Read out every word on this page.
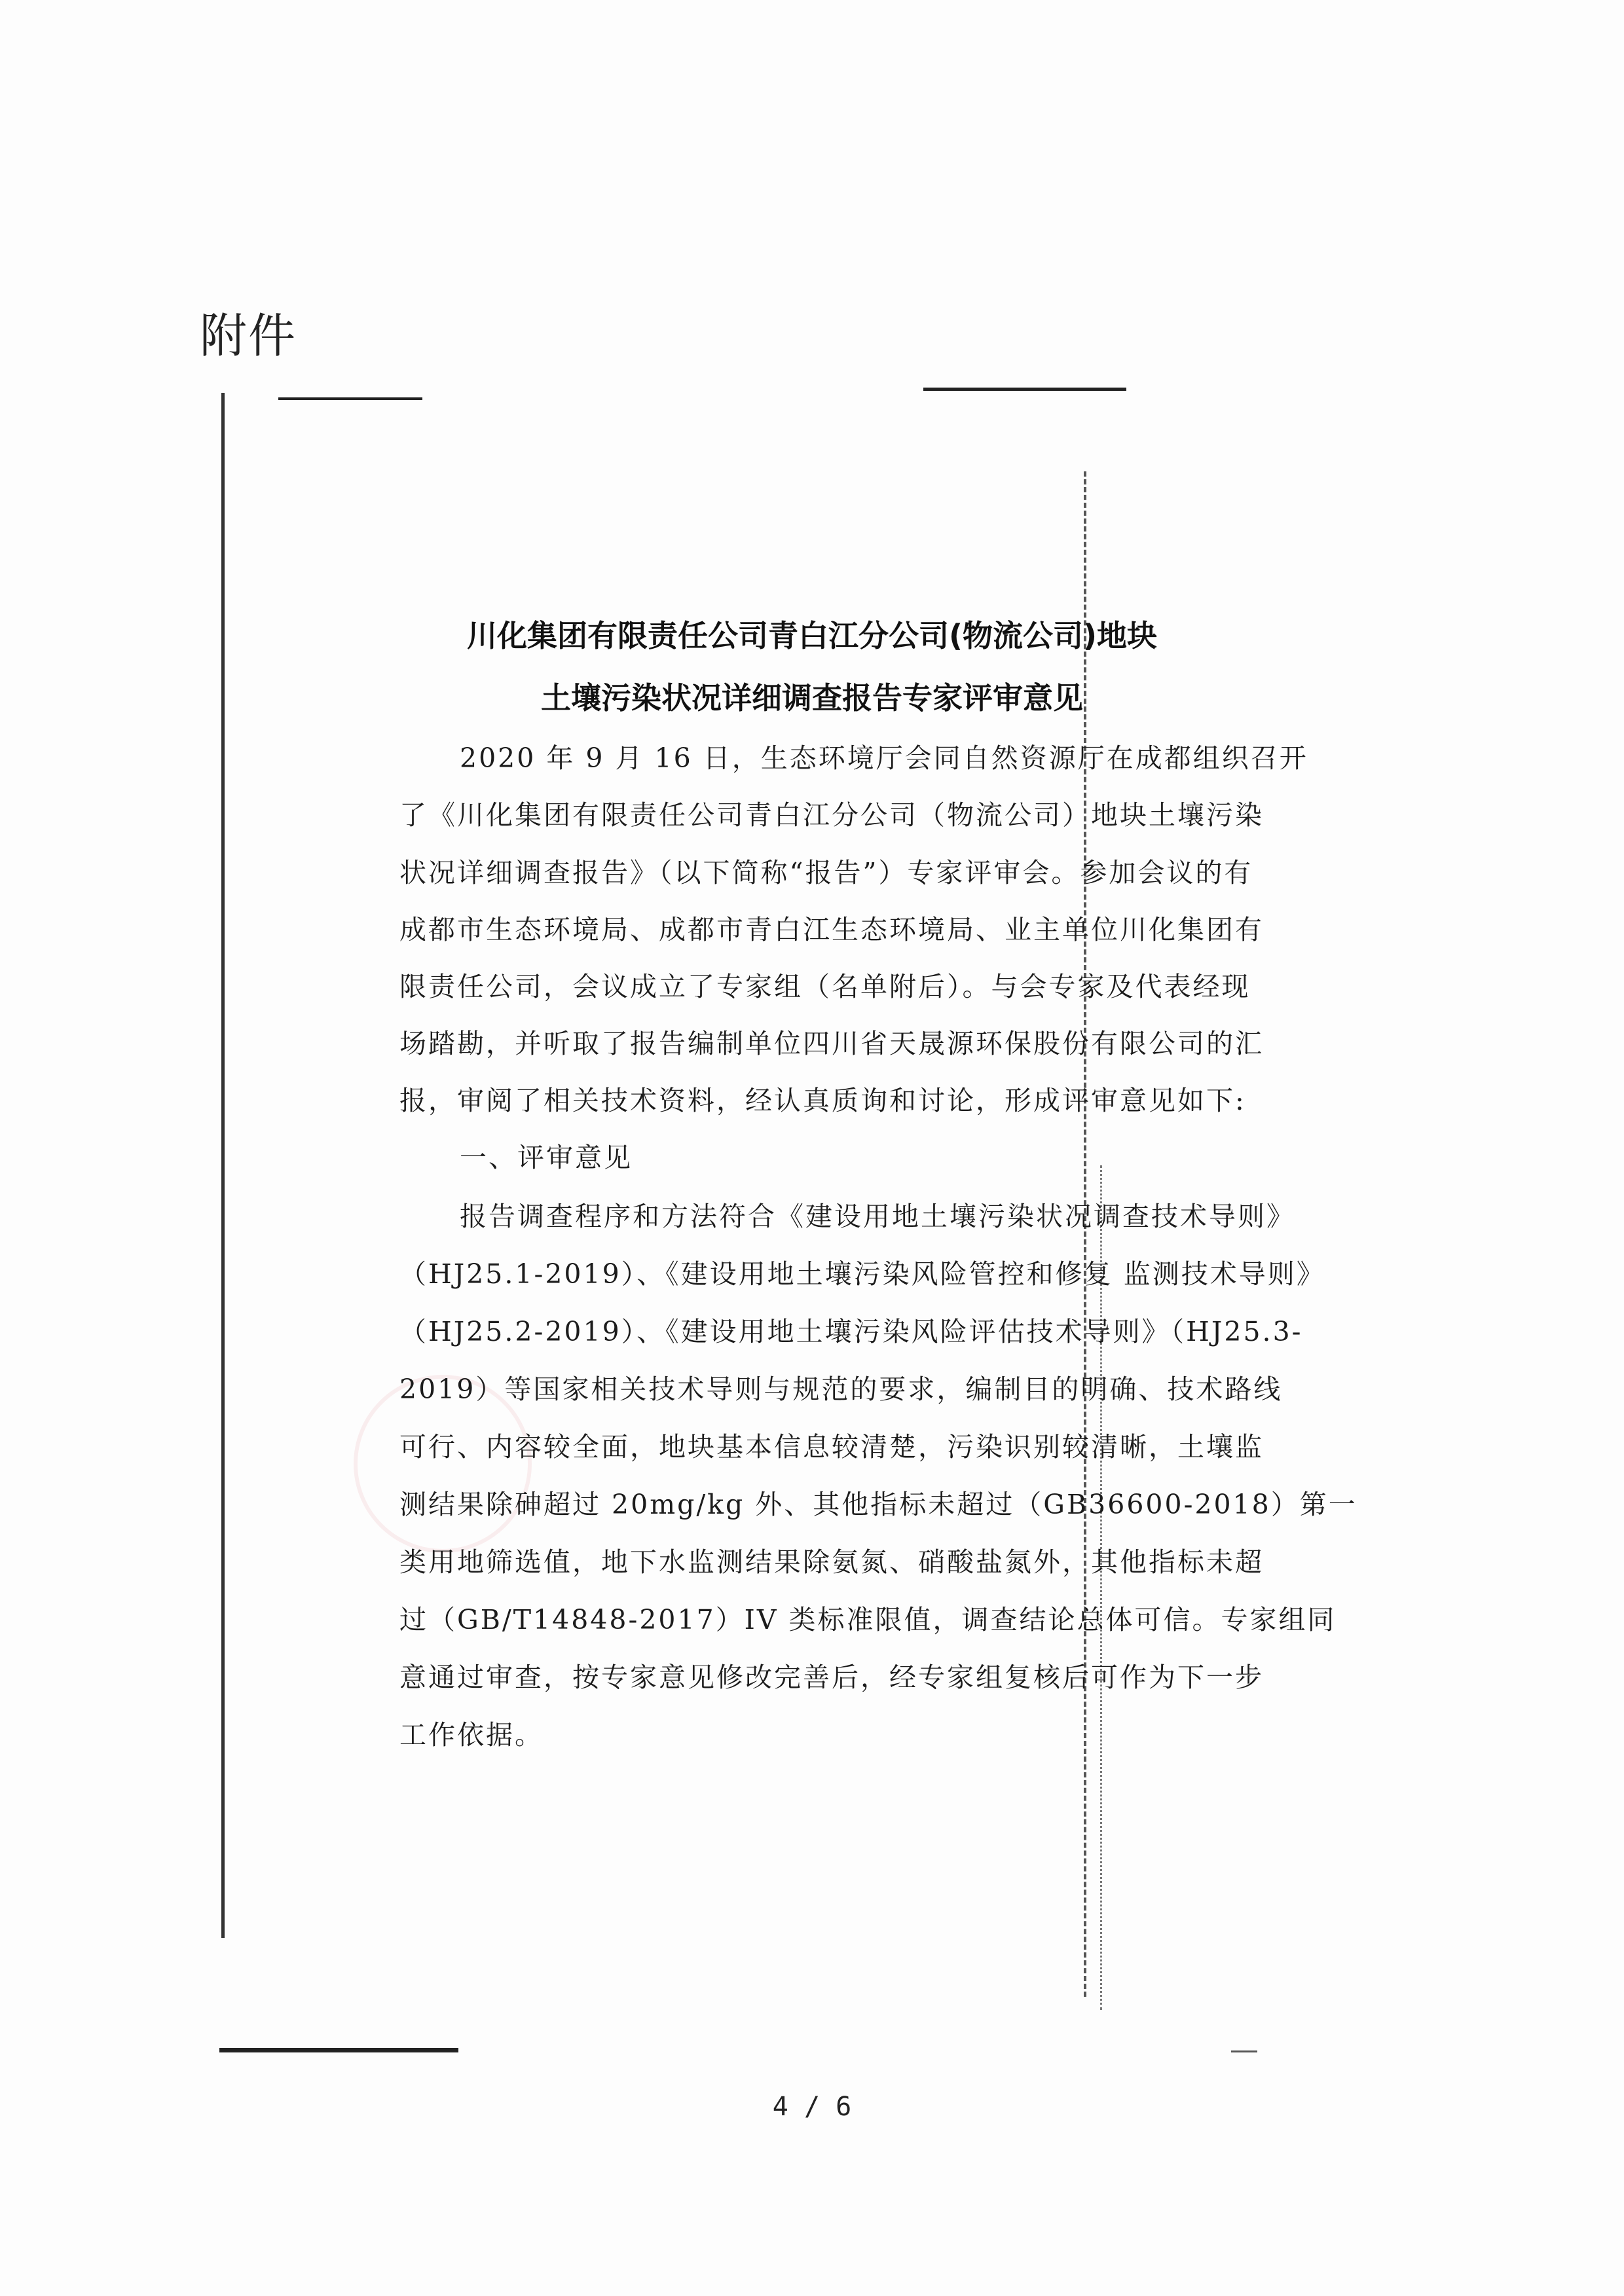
附件
川化集团有限责任公司青白江分公司(物流公司)地块
土壤污染状况详细调查报告专家评审意见
2020 年 9 月 16 日，生态环境厅会同自然资源厅在成都组织召开
了《川化集团有限责任公司青白江分公司（物流公司）地块土壤污染
状况详细调查报告》（以下简称“报告”）专家评审会。参加会议的有
成都市生态环境局、成都市青白江生态环境局、业主单位川化集团有
限责任公司，会议成立了专家组（名单附后）。与会专家及代表经现
场踏勘，并听取了报告编制单位四川省天晟源环保股份有限公司的汇
报，审阅了相关技术资料，经认真质询和讨论，形成评审意见如下:
一、评审意见
报告调查程序和方法符合《建设用地土壤污染状况调查技术导则》
（HJ25.1-2019）、《建设用地土壤污染风险管控和修复 监测技术导则》
（HJ25.2-2019）、《建设用地土壤污染风险评估技术导则》（HJ25.3-
2019）等国家相关技术导则与规范的要求，编制目的明确、技术路线
可行、内容较全面，地块基本信息较清楚，污染识别较清晰，土壤监
测结果除砷超过 20mg/kg 外、其他指标未超过（GB36600-2018）第一
类用地筛选值，地下水监测结果除氨氮、硝酸盐氮外，其他指标未超
过（GB/T14848-2017）IV 类标准限值，调查结论总体可信。专家组同
意通过审查，按专家意见修改完善后，经专家组复核后可作为下一步
工作依据。
4 / 6
